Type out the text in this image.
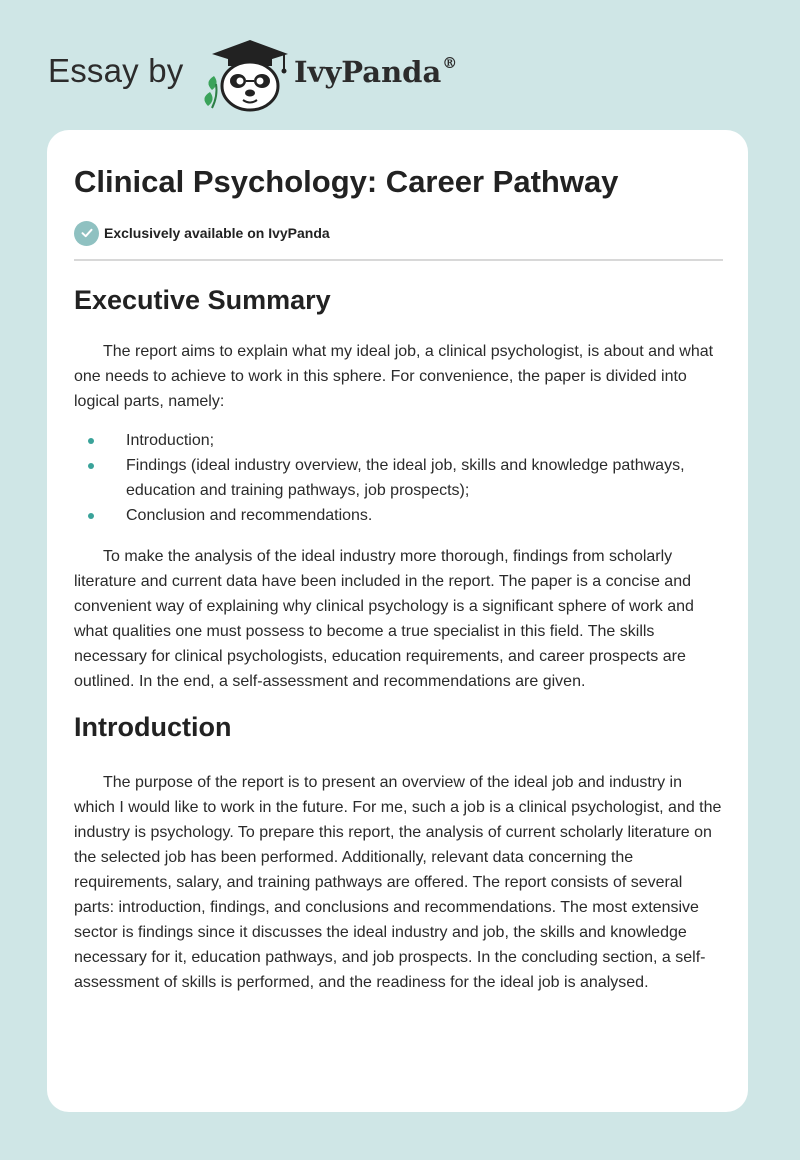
Essay by	IvyPanda®
Clinical Psychology: Career Pathway
Exclusively available on IvyPanda
Executive Summary

The report aims to explain what my ideal job, a clinical psychologist, is about and what one needs to achieve to work in this sphere. For convenience, the paper is divided into logical parts, namely:

Introduction;
Findings (ideal industry overview, the ideal job, skills and knowledge pathways, education and training pathways, job prospects);
Conclusion and recommendations.

To make the analysis of the ideal industry more thorough, findings from scholarly literature and current data have been included in the report. The paper is a concise and convenient way of explaining why clinical psychology is a significant sphere of work and what qualities one must possess to become a true specialist in this field. The skills necessary for clinical psychologists, education requirements, and career prospects are outlined. In the end, a self-assessment and recommendations are given.

Introduction

The purpose of the report is to present an overview of the ideal job and industry in which I would like to work in the future. For me, such a job is a clinical psychologist, and the industry is psychology. To prepare this report, the analysis of current scholarly literature on the selected job has been performed. Additionally, relevant data concerning the requirements, salary, and training pathways are offered. The report consists of several parts: introduction, findings, and conclusions and recommendations. The most extensive sector is findings since it discusses the ideal industry and job, the skills and knowledge necessary for it, education pathways, and job prospects. In the concluding section, a self-assessment of skills is performed, and the readiness for the ideal job is analysed.
